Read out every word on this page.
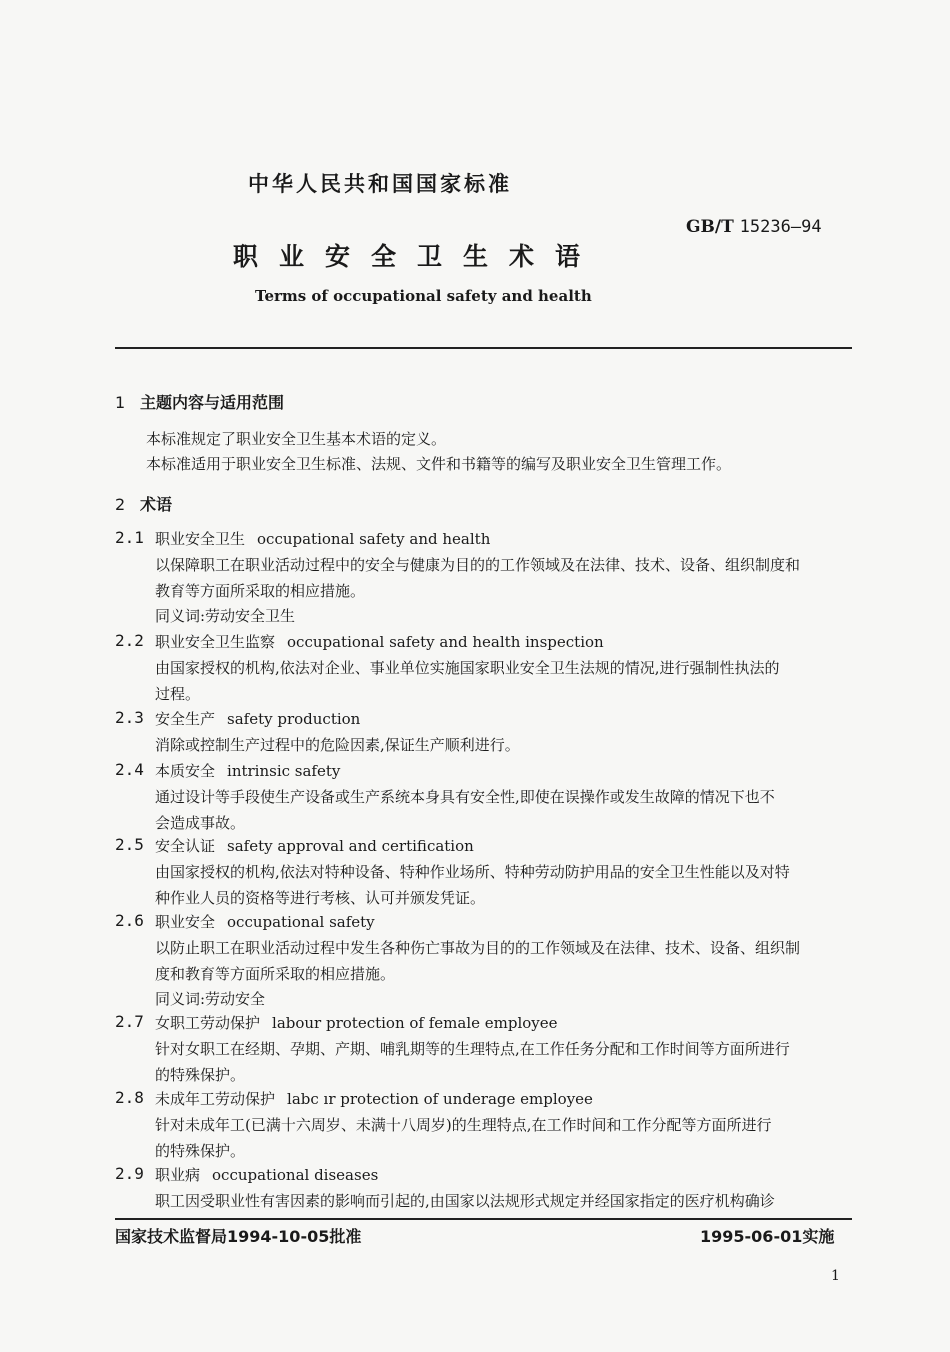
中华人民共和国国家标准
GB/T 15236—94
职业安全卫生术语
Terms of occupational safety and health
1 主题内容与适用范围
本标准规定了职业安全卫生基本术语的定义。
本标准适用于职业安全卫生标准、法规、文件和书籍等的编写及职业安全卫生管理工作。
2 术语
2.1 职业安全卫生 occupational safety and health
以保障职工在职业活动过程中的安全与健康为目的的工作领域及在法律、技术、设备、组织制度和
教育等方面所采取的相应措施。
同义词:劳动安全卫生
2.2 职业安全卫生监察 occupational safety and health inspection
由国家授权的机构,依法对企业、事业单位实施国家职业安全卫生法规的情况,进行强制性执法的
过程。
2.3 安全生产 safety production
消除或控制生产过程中的危险因素,保证生产顺利进行。
2.4 本质安全 intrinsic safety
通过设计等手段使生产设备或生产系统本身具有安全性,即使在误操作或发生故障的情况下也不
会造成事故。
2.5 安全认证 safety approval and certification
由国家授权的机构,依法对特种设备、特种作业场所、特种劳动防护用品的安全卫生性能以及对特
种作业人员的资格等进行考核、认可并颁发凭证。
2.6 职业安全 occupational safety
以防止职工在职业活动过程中发生各种伤亡事故为目的的工作领域及在法律、技术、设备、组织制
度和教育等方面所采取的相应措施。
同义词:劳动安全
2.7 女职工劳动保护 labour protection of female employee
针对女职工在经期、孕期、产期、哺乳期等的生理特点,在工作任务分配和工作时间等方面所进行
的特殊保护。
2.8 未成年工劳动保护 labc ır protection of underage employee
针对未成年工(已满十六周岁、未满十八周岁)的生理特点,在工作时间和工作分配等方面所进行
的特殊保护。
2.9 职业病 occupational diseases
职工因受职业性有害因素的影响而引起的,由国家以法规形式规定并经国家指定的医疗机构确诊
国家技术监督局1994-10-05批准	1995-06-01实施
1
